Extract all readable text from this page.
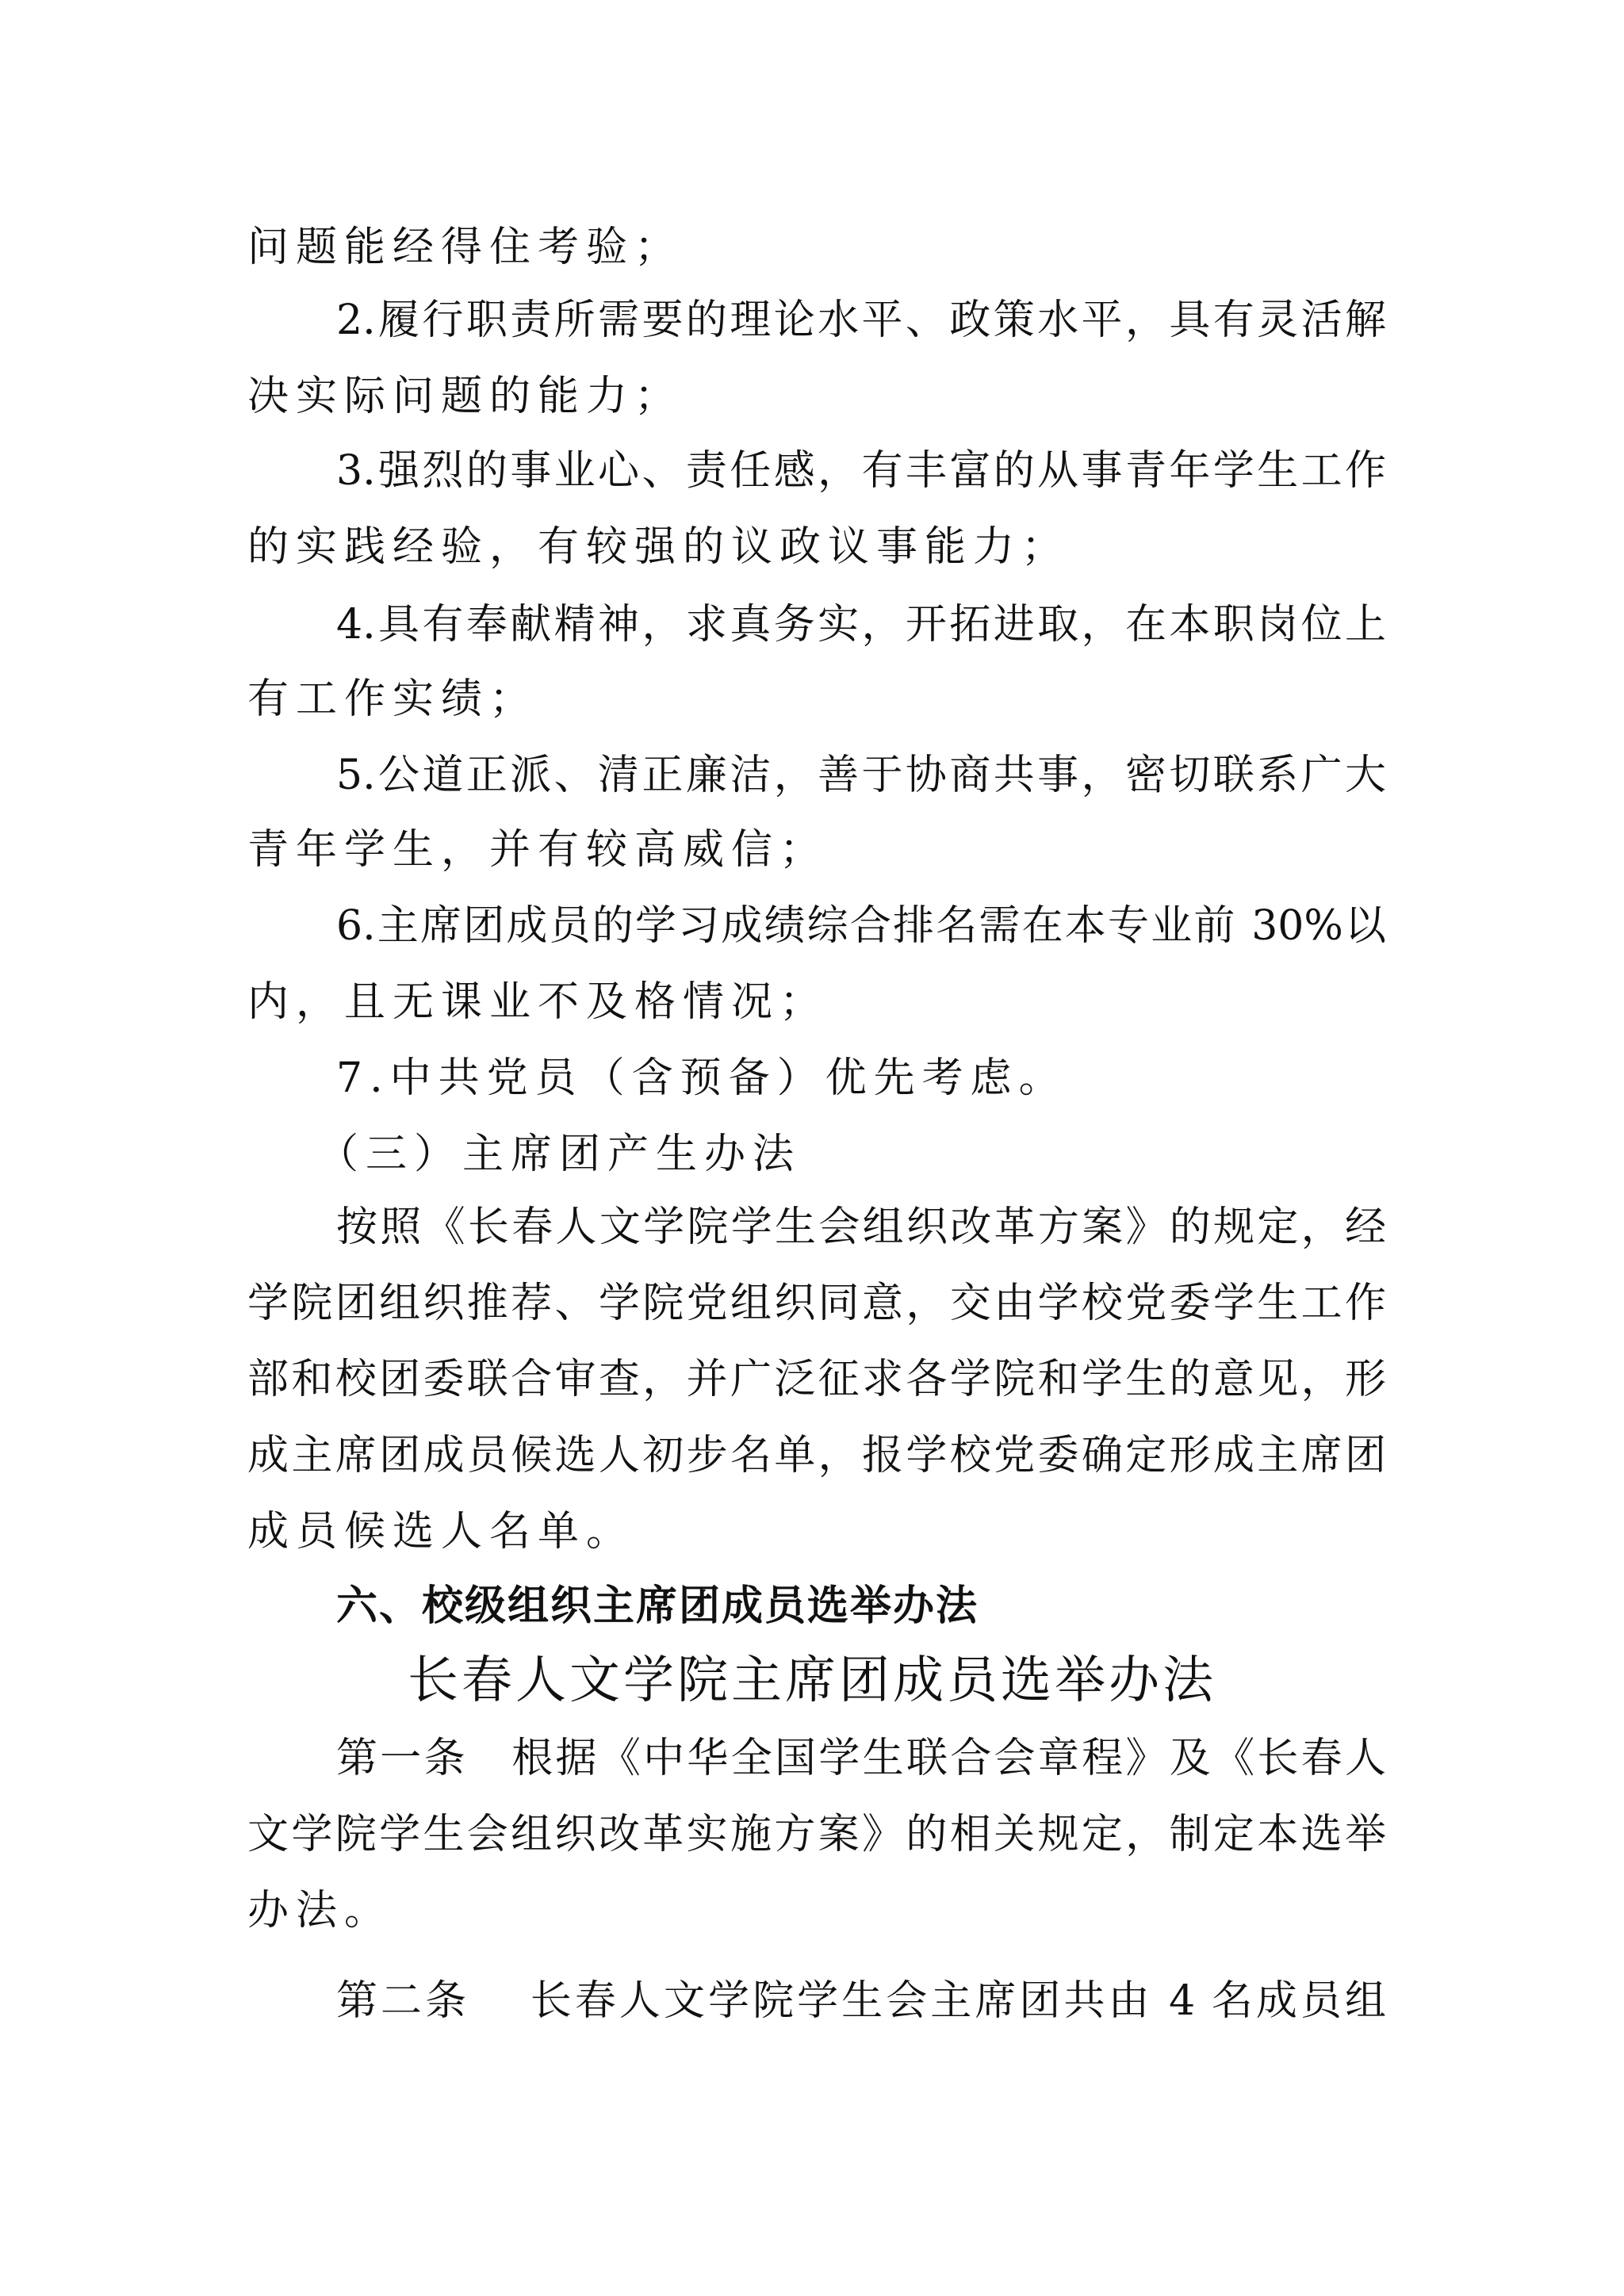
问题能经得住考验；
2.履行职责所需要的理论水平、政策水平，具有灵活解
决实际问题的能力；
3.强烈的事业心、责任感，有丰富的从事青年学生工作
的实践经验，有较强的议政议事能力；
4.具有奉献精神，求真务实，开拓进取，在本职岗位上
有工作实绩；
5.公道正派、清正廉洁，善于协商共事，密切联系广大
青年学生，并有较高威信；
6.主席团成员的学习成绩综合排名需在本专业前 30%以
内，且无课业不及格情况；
7.中共党员（含预备）优先考虑。
（三）主席团产生办法
按照《长春人文学院学生会组织改革方案》的规定，经
学院团组织推荐、学院党组织同意，交由学校党委学生工作
部和校团委联合审查，并广泛征求各学院和学生的意见，形
成主席团成员候选人初步名单，报学校党委确定形成主席团
成员候选人名单。
六、校级组织主席团成员选举办法
长春人文学院主席团成员选举办法
第一条　根据《中华全国学生联合会章程》及《长春人
文学院学生会组织改革实施方案》的相关规定，制定本选举
办法。
第二条　 长春人文学院学生会主席团共由 4 名成员组
